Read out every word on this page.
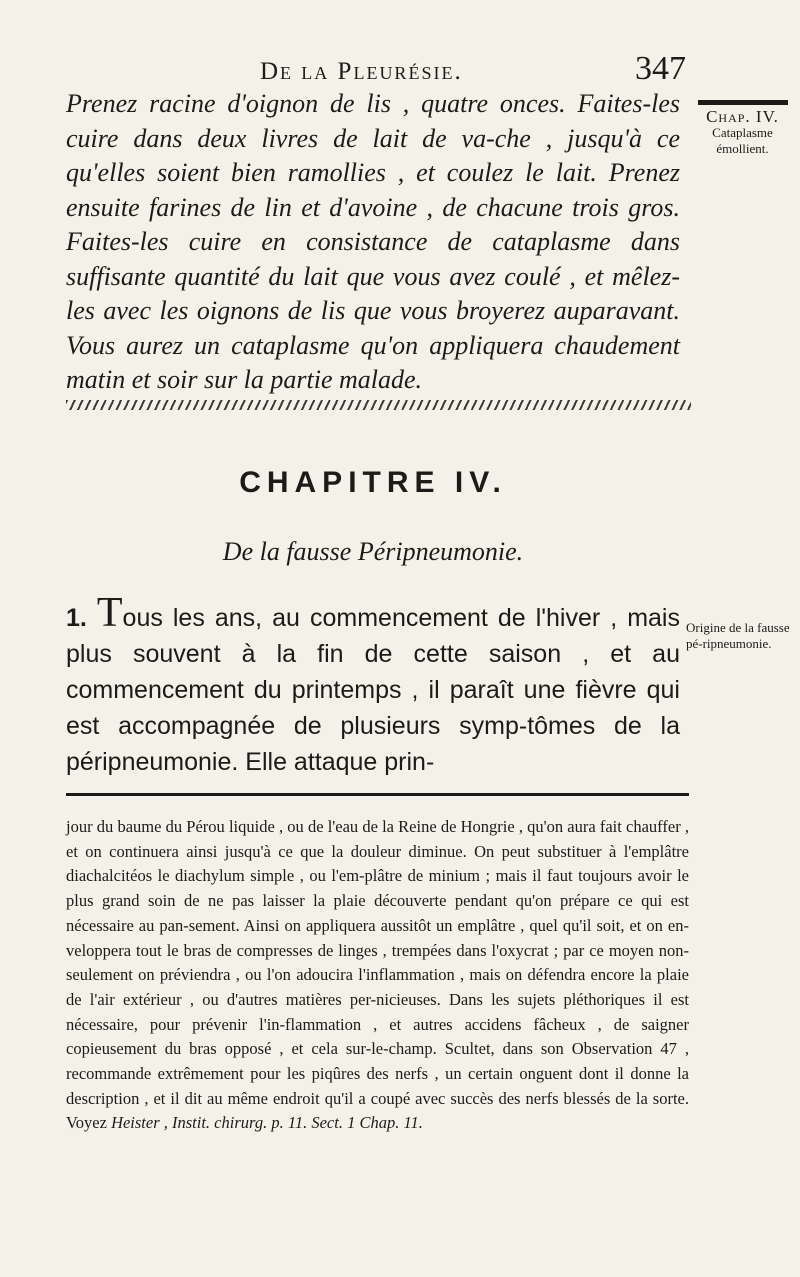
De la Pleurésie.	347

Prenez racine d'oignon de lis , quatre onces. Faites-les cuire dans deux livres de lait de va-che , jusqu'à ce qu'elles soient bien ramollies , et coulez le lait. Prenez ensuite farines de lin et d'avoine , de chacune trois gros. Faites-les cuire en consistance de cataplasme dans suffisante quantité du lait que vous avez coulé , et mêlez-les avec les oignons de lis que vous broyerez auparavant. Vous aurez un cataplasme qu'on appliquera chaudement matin et soir sur la partie malade.

Chap. IV.
Cataplasme émollient.
CHAPITRE IV.
De la fausse Péripneumonie.

1. Tous les ans, au commencement de l'hiver , mais plus souvent à la fin de cette saison , et au commencement du printemps , il paraît une fièvre qui est accompagnée de plusieurs symp-tômes de la péripneumonie. Elle attaque prin-

Origine de la fausse pé-ripneumonie.

jour du baume du Pérou liquide , ou de l'eau de la Reine de Hongrie , qu'on aura fait chauffer , et on continuera ainsi jusqu'à ce que la douleur diminue. On peut substituer à l'emplâtre diachalcitéos le diachylum simple , ou l'em-plâtre de minium ; mais il faut toujours avoir le plus grand soin de ne pas laisser la plaie découverte pendant qu'on prépare ce qui est nécessaire au pan-sement. Ainsi on appliquera aussitôt un emplâtre , quel qu'il soit, et on en-veloppera tout le bras de compresses de linges , trempées dans l'oxycrat ; par ce moyen non-seulement on préviendra , ou l'on adoucira l'inflammation , mais on défendra encore la plaie de l'air extérieur , ou d'autres matières per-nicieuses. Dans les sujets pléthoriques il est nécessaire, pour prévenir l'in-flammation , et autres accidens fâcheux , de saigner copieusement du bras opposé , et cela sur-le-champ. Scultet, dans son Observation 47 , recommande extrêmement pour les piqûres des nerfs , un certain onguent dont il donne la description , et il dit au même endroit qu'il a coupé avec succès des nerfs blessés de la sorte. Voyez Heister , Instit. chirurg. p. 11. Sect. 1 Chap. 11.
